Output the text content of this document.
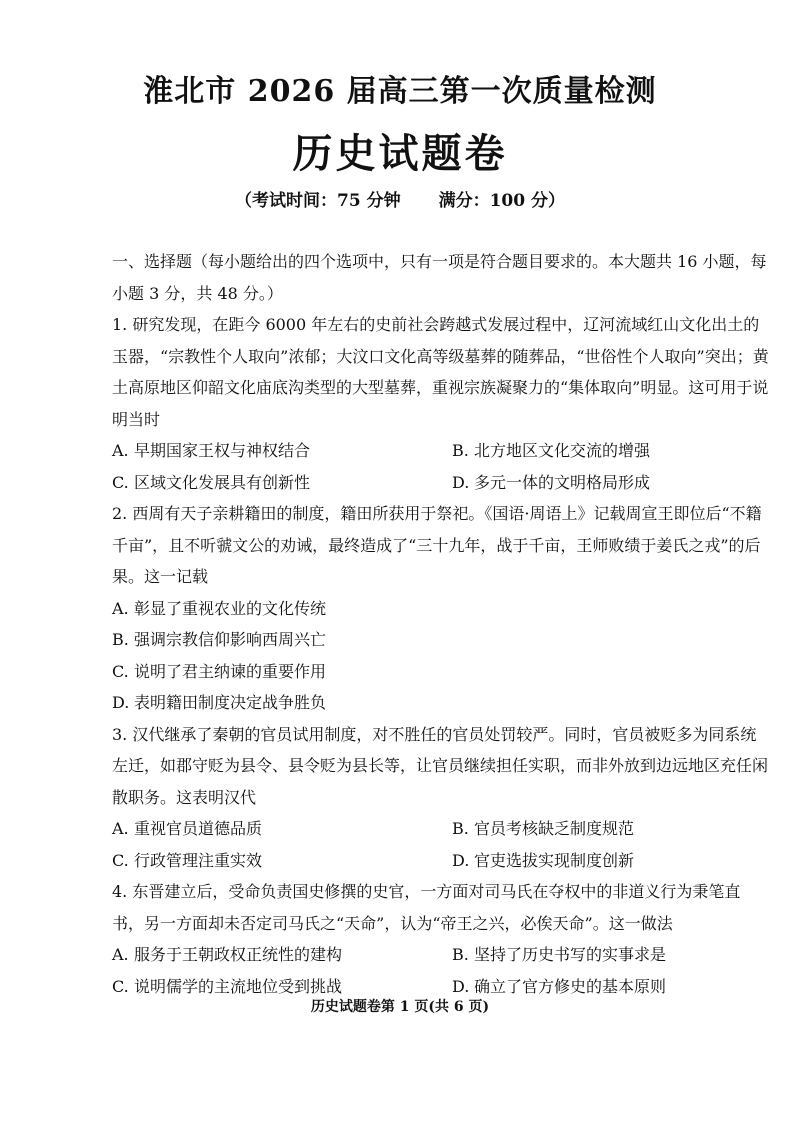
淮北市 2026 届高三第一次质量检测
历史试题卷
（考试时间：75 分钟 满分：100 分）

一、选择题（每小题给出的四个选项中，只有一项是符合题目要求的。本大题共 16 小题，每小题 3 分，共 48 分。）

1. 研究发现，在距今 6000 年左右的史前社会跨越式发展过程中，辽河流域红山文化出土的玉器，“宗教性个人取向”浓郁；大汶口文化高等级墓葬的随葬品，“世俗性个人取向”突出；黄土高原地区仰韶文化庙底沟类型的大型墓葬，重视宗族凝聚力的“集体取向”明显。这可用于说明当时

A. 早期国家王权与神权结合	B. 北方地区文化交流的增强
C. 区域文化发展具有创新性	D. 多元一体的文明格局形成

2. 西周有天子亲耕籍田的制度，籍田所获用于祭祀。《国语·周语上》记载周宣王即位后“不籍千亩”，且不听虢文公的劝诫，最终造成了“三十九年，战于千亩，王师败绩于姜氏之戎”的后果。这一记载

A. 彰显了重视农业的文化传统
B. 强调宗教信仰影响西周兴亡
C. 说明了君主纳谏的重要作用
D. 表明籍田制度决定战争胜负

3. 汉代继承了秦朝的官员试用制度，对不胜任的官员处罚较严。同时，官员被贬多为同系统左迁，如郡守贬为县令、县令贬为县长等，让官员继续担任实职，而非外放到边远地区充任闲散职务。这表明汉代

A. 重视官员道德品质	B. 官员考核缺乏制度规范
C. 行政管理注重实效	D. 官吏选拔实现制度创新

4. 东晋建立后，受命负责国史修撰的史官，一方面对司马氏在夺权中的非道义行为秉笔直书，另一方面却未否定司马氏之“天命”，认为“帝王之兴，必俟天命”。这一做法

A. 服务于王朝政权正统性的建构	B. 坚持了历史书写的实事求是
C. 说明儒学的主流地位受到挑战	D. 确立了官方修史的基本原则
历史试题卷第 1 页(共 6 页)
